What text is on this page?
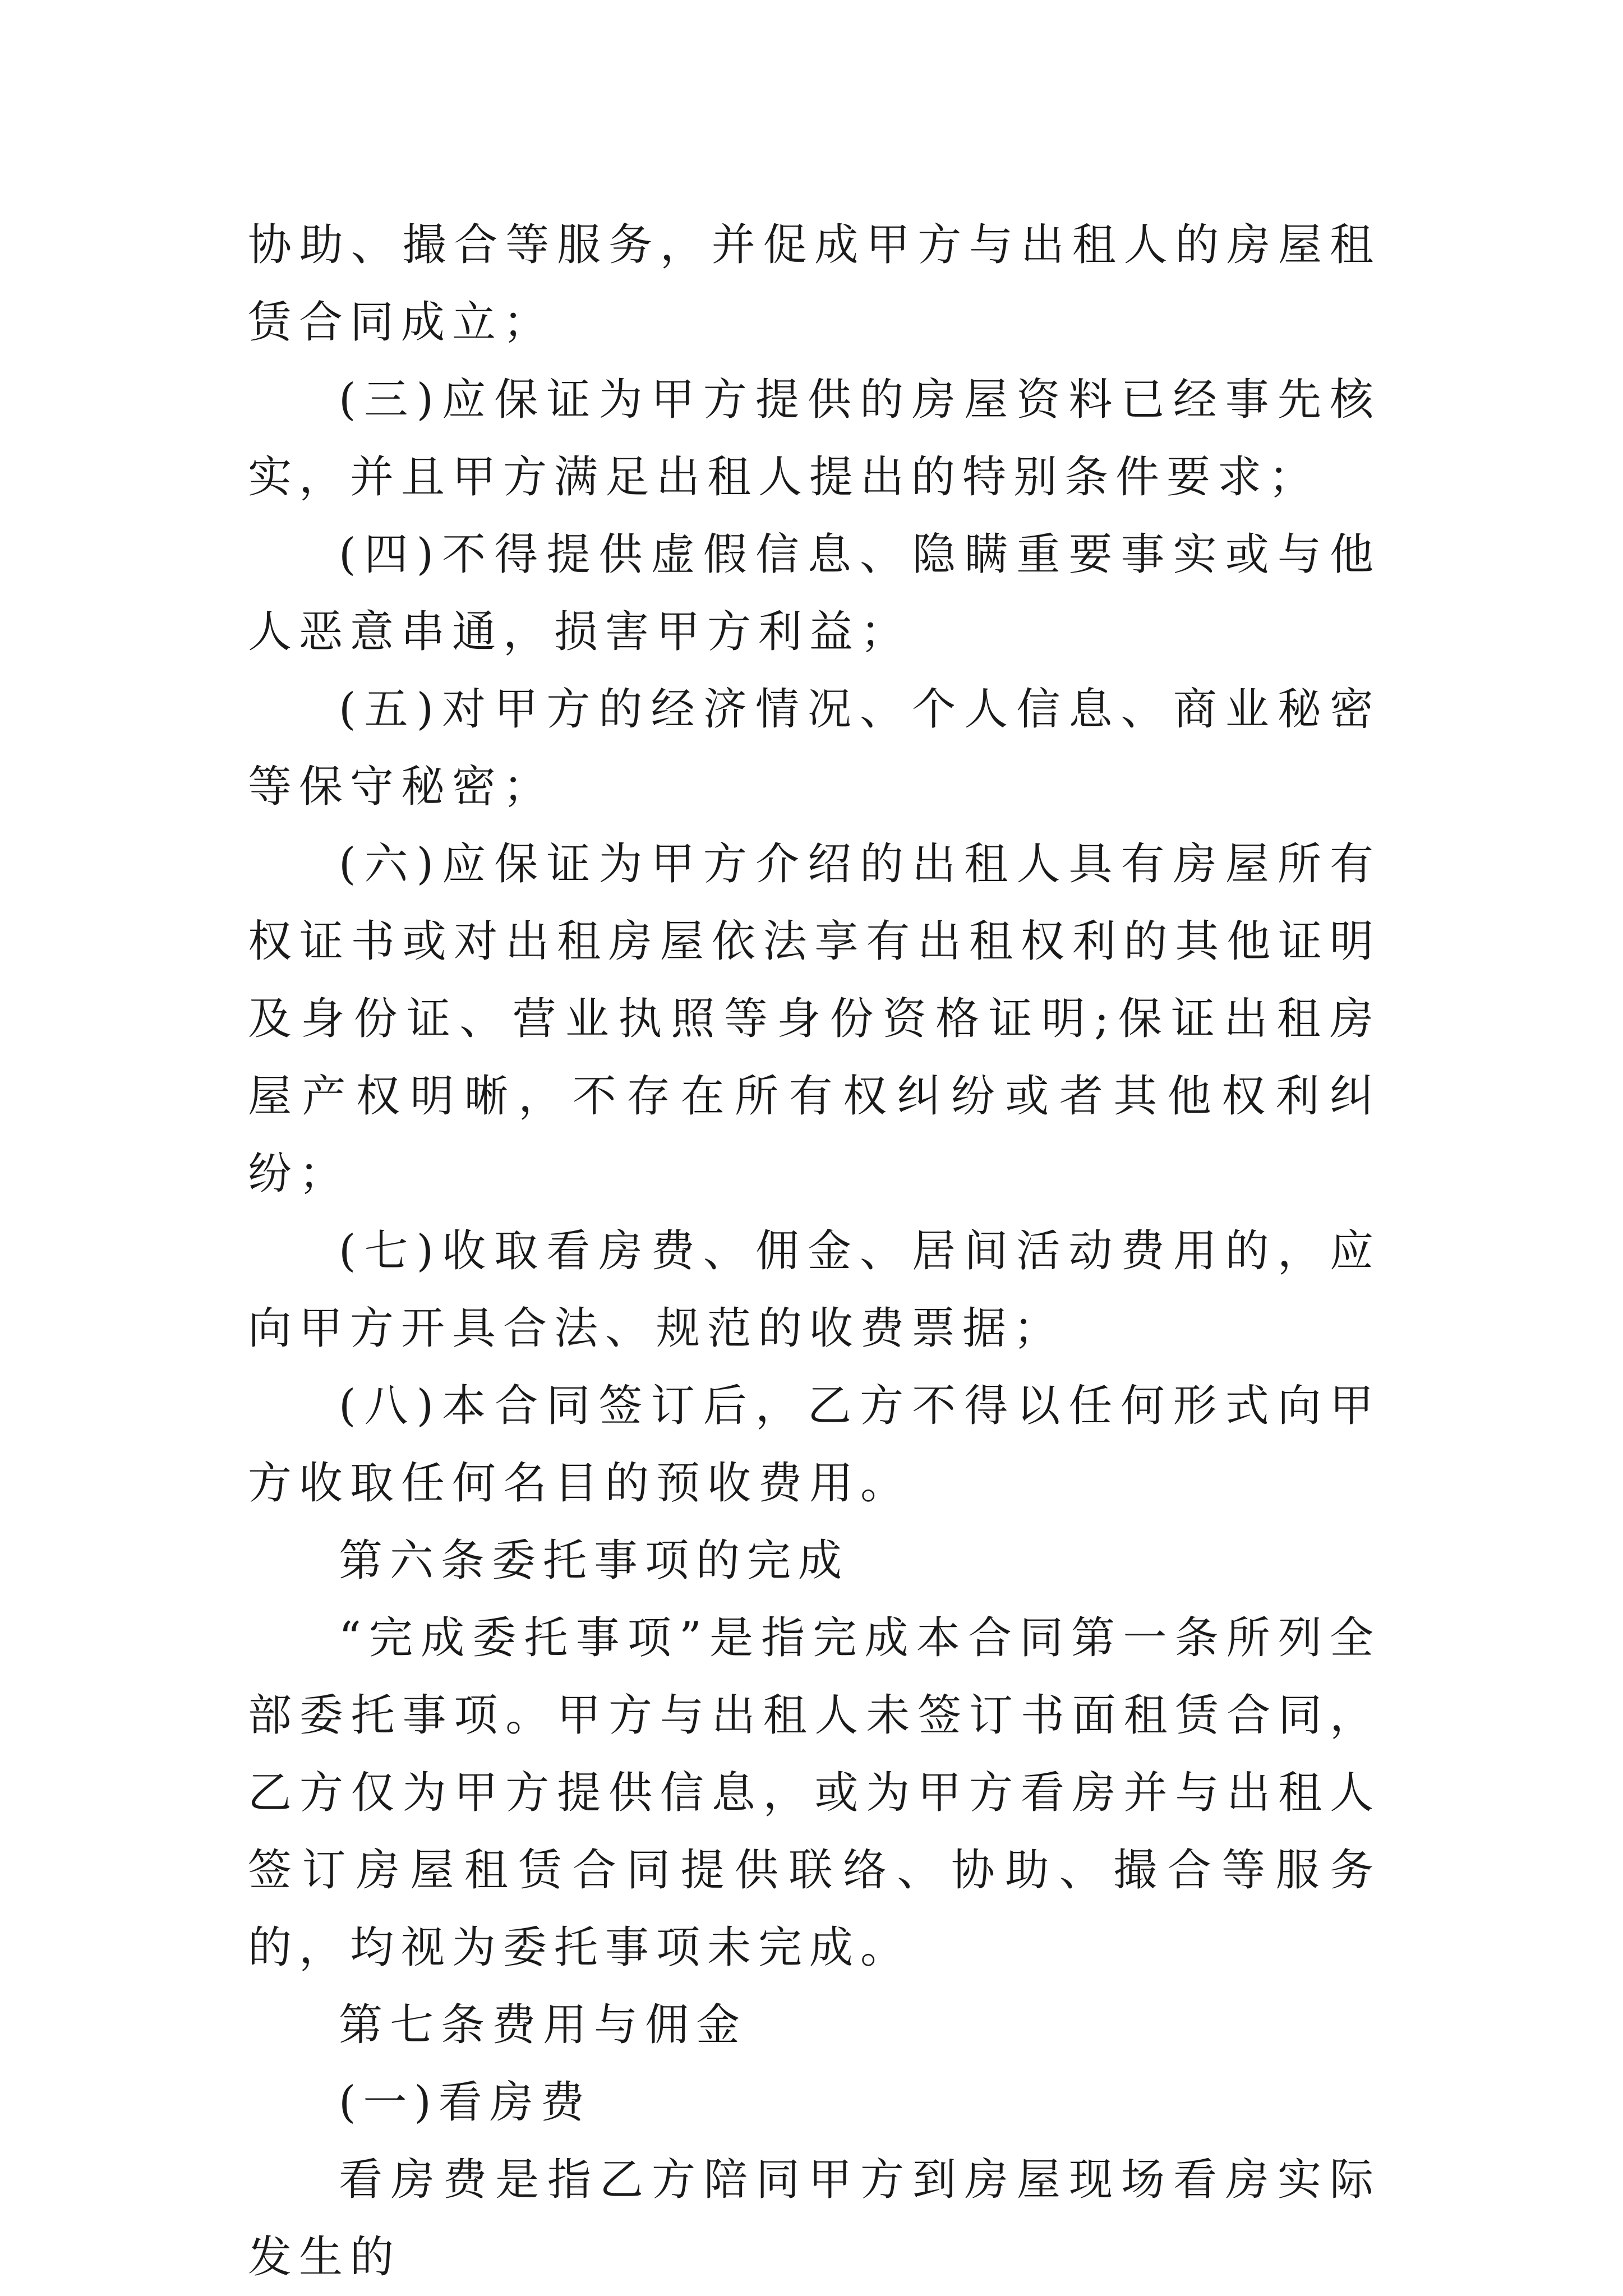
协助、撮合等服务，并促成甲方与出租人的房屋租赁合同成立；

(三)应保证为甲方提供的房屋资料已经事先核实，并且甲方满足出租人提出的特别条件要求；

(四)不得提供虚假信息、隐瞒重要事实或与他人恶意串通，损害甲方利益；

(五)对甲方的经济情况、个人信息、商业秘密等保守秘密；

(六)应保证为甲方介绍的出租人具有房屋所有权证书或对出租房屋依法享有出租权利的其他证明及身份证、营业执照等身份资格证明;保证出租房屋产权明晰，不存在所有权纠纷或者其他权利纠纷；

(七)收取看房费、佣金、居间活动费用的，应向甲方开具合法、规范的收费票据；

(八)本合同签订后，乙方不得以任何形式向甲方收取任何名目的预收费用。

第六条委托事项的完成

“完成委托事项”是指完成本合同第一条所列全部委托事项。甲方与出租人未签订书面租赁合同，乙方仅为甲方提供信息，或为甲方看房并与出租人签订房屋租赁合同提供联络、协助、撮合等服务的，均视为委托事项未完成。

第七条费用与佣金

(一)看房费

看房费是指乙方陪同甲方到房屋现场看房实际发生的
